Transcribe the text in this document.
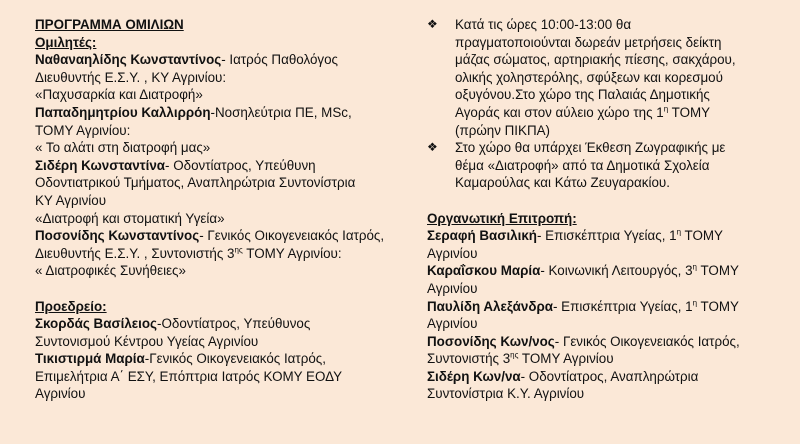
ΠΡΟΓΡΑΜΜΑ ΟΜΙΛΙΩΝ
Ομιλητές:
Ναθαναηλίδης Κωνσταντίνος- Ιατρός Παθολόγος
Διευθυντής Ε.Σ.Υ. , ΚΥ Αγρινίου:
«Παχυσαρκία και Διατροφή»
Παπαδημητρίου Καλλιρρόη-Νοσηλεύτρια ΠΕ, MSc,
ΤΟΜΥ Αγρινίου:
« Το αλάτι στη διατροφή μας»
Σιδέρη Κωνσταντίνα- Οδοντίατρος, Υπεύθυνη
Οδοντιατρικού Τμήματος, Αναπληρώτρια Συντονίστρια
ΚΥ Αγρινίου
«Διατροφή και στοματική Υγεία»
Ποσονίδης Κωνσταντίνος- Γενικός Οικογενειακός Ιατρός,
Διευθυντής Ε.Σ.Υ. , Συντονιστής $3^{\eta\varsigma}$ ΤΟΜΥ Αγρινίου:
« Διατροφικές Συνήθειες»
Προεδρείο:
Σκορδάς Βασίλειος-Οδοντίατρος, Υπεύθυνος
Συντονισμού Κέντρου Υγείας Αγρινίου
Τικιστιρμά Μαρία-Γενικός Οικογενειακός Ιατρός,
Επιμελήτρια Α΄ ΕΣΥ, Επόπτρια Ιατρός ΚΟΜΥ ΕΟΔΥ
Αγρινίου
❖	Κατά τις ώρες 10:00-13:00 θα
πραγματοποιούνται δωρεάν μετρήσεις δείκτη
μάζας σώματος, αρτηριακής πίεσης, σακχάρου,
ολικής χοληστερόλης, σφύξεων και κορεσμού
οξυγόνου.Στο χώρο της Παλαιάς Δημοτικής
Αγοράς και στον αύλειο χώρο της $1^\eta$ ΤΟΜΥ
(πρώην ΠΙΚΠΑ)
❖	Στο χώρο θα υπάρχει Έκθεση Ζωγραφικής με
θέμα «Διατροφή» από τα Δημοτικά Σχολεία
Καμαρούλας και Κάτω Ζευγαρακίου.
Οργανωτική Επιτροπή:
Σεραφή Βασιλική- Επισκέπτρια Υγείας, $1^\eta$ ΤΟΜΥ
Αγρινίου
Καραΐσκου Μαρία- Κοινωνική Λειτουργός, $3^\eta$ ΤΟΜΥ
Αγρινίου
Παυλίδη Αλεξάνδρα- Επισκέπτρια Υγείας, $1^\eta$ ΤΟΜΥ
Αγρινίου
Ποσονίδης Κων/νος- Γενικός Οικογενειακός Ιατρός,
Συντονιστής $3^{\eta\varsigma}$ ΤΟΜΥ Αγρινίου
Σιδέρη Κων/να- Οδοντίατρος, Αναπληρώτρια
Συντονίστρια Κ.Υ. Αγρινίου
